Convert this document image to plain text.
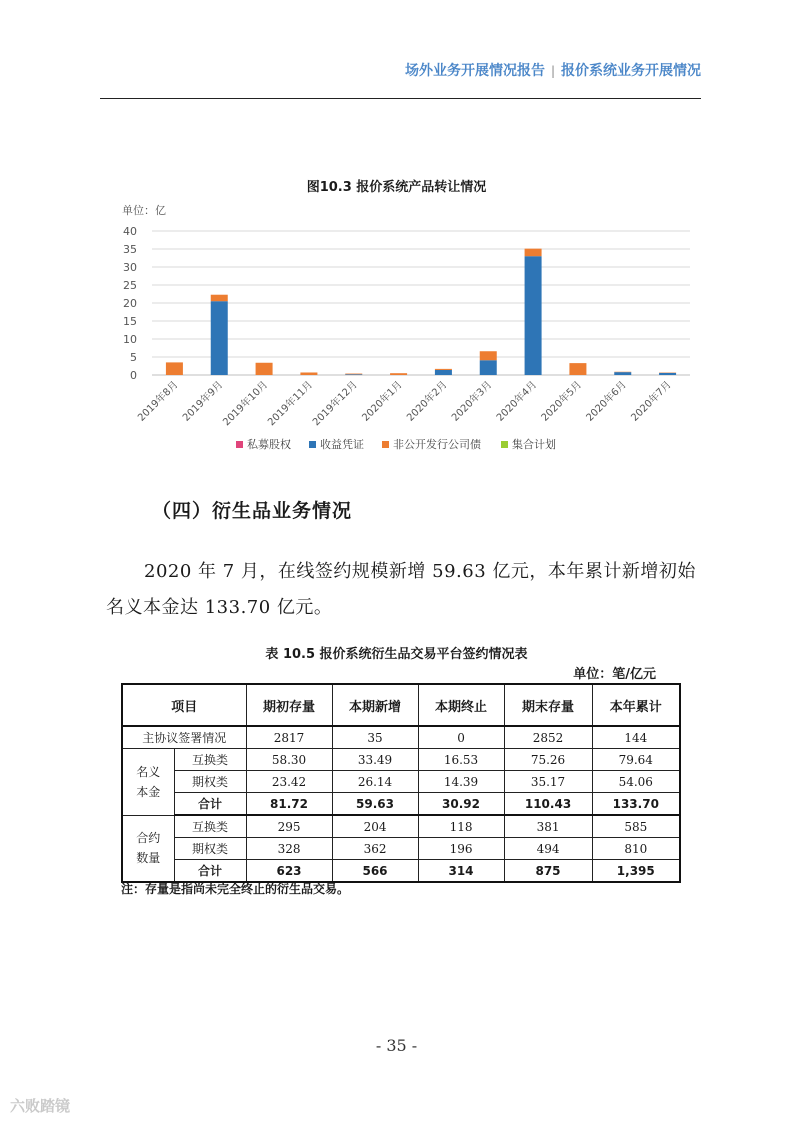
场外业务开展情况报告 | 报价系统业务开展情况
图10.3 报价系统产品转让情况
单位：亿
0
5
10
15
20
25
30
35
40
2019年8月 2019年9月
2019年10月
2019年11月
2019年12月 2020年1月 2020年2月 2020年3月 2020年4月 2020年5月 2020年6月 2020年7月
私募股权	收益凭证	非公开发行公司债	集合计划
（四）衍生品业务情况
2020 年 7 月，在线签约规模新增 59.63 亿元，本年累计新增初始名义本金达 133.70 亿元。
表 10.5 报价系统衍生品交易平台签约情况表
单位：笔/亿元
项目		期初存量	本期新增	本期终止	期末存量	本年累计
主协议签署情况		2817	35	0	2852	144

名义
本金	互换类	58.30	33.49	16.53	75.26	79.64
	期权类	23.42	26.14	14.39	35.17	54.06
	合计	81.72	59.63	30.92	110.43	133.70

合约
数量	互换类	295	204	118	381	585
	期权类	328	362	196	494	810
	合计	623	566	314	875	1,395
注：存量是指尚未完全终止的衍生品交易。
- 35 -
六败踏镜
